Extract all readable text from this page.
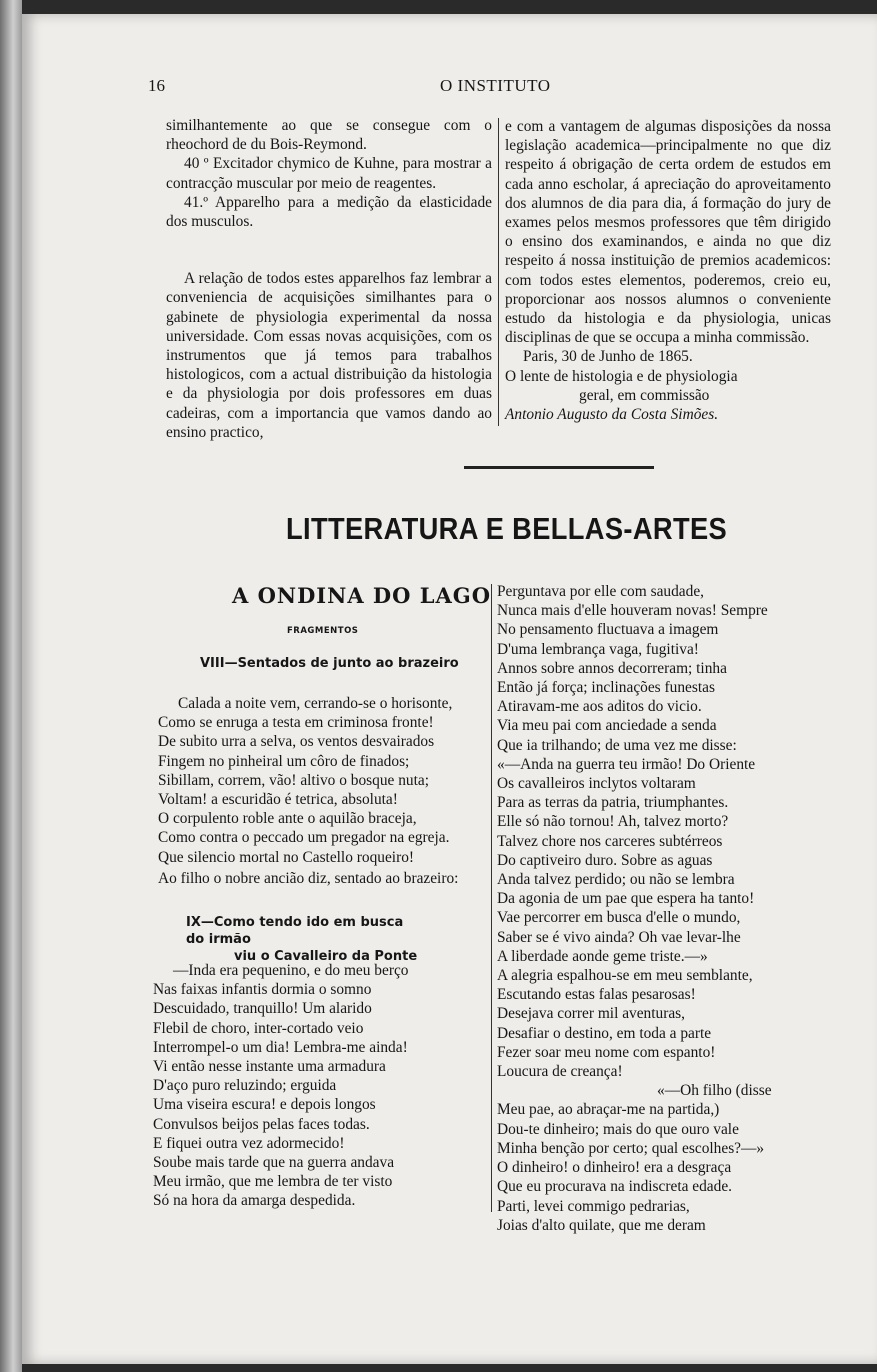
16	O INSTITUTO

similhantemente ao que se consegue com o rheochord de du Bois-Reymond.

40 º Excitador chymico de Kuhne, para mostrar a contracção muscular por meio de reagentes.

41.º Apparelho para a medição da elasticidade dos musculos.

A relação de todos estes apparelhos faz lembrar a conveniencia de acquisições similhantes para o gabinete de physiologia experimental da nossa universidade. Com essas novas acquisições, com os instrumentos que já temos para trabalhos histologicos, com a actual distribuição da histologia e da physiologia por dois professores em duas cadeiras, com a importancia que vamos dando ao ensino practico,

e com a vantagem de algumas disposições da nossa legislação academica—principalmente no que diz respeito á obrigação de certa ordem de estudos em cada anno escholar, á apreciação do aproveitamento dos alumnos de dia para dia, á formação do jury de exames pelos mesmos professores que têm dirigido o ensino dos examinandos, e ainda no que diz respeito á nossa instituição de premios academicos: com todos estes elementos, poderemos, creio eu, proporcionar aos nossos alumnos o conveniente estudo da histologia e da physiologia, unicas disciplinas de que se occupa a minha commissão.

Paris, 30 de Junho de 1865.

O lente de histologia e de physiologia

geral, em commissão

Antonio Augusto da Costa Simões.

LITTERATURA E BELLAS-ARTES
A ONDINA DO LAGO
FRAGMENTOS
VIII—Sentados de junto ao brazeiro
Calada a noite vem, cerrando-se o horisonte,
Como se enruga a testa em criminosa fronte!
De subito urra a selva, os ventos desvairados
Fingem no pinheiral um côro de finados;
Sibillam, correm, vão! altivo o bosque nuta;
Voltam! a escuridão é tetrica, absoluta!
O corpulento roble ante o aquilão braceja,
Como contra o peccado um pregador na egreja.
Que silencio mortal no Castello roqueiro!
Ao filho o nobre ancião diz, sentado ao brazeiro:
IX—Como tendo ido em busca do irmão
viu o Cavalleiro da Ponte
—Inda era pequenino, e do meu berço
Nas faixas infantis dormia o somno
Descuidado, tranquillo! Um alarido
Flebil de choro, inter-cortado veio
Interrompel-o um dia! Lembra-me ainda!
Vi então nesse instante uma armadura
D'aço puro reluzindo; erguida
Uma viseira escura! e depois longos
Convulsos beijos pelas faces todas.
E fiquei outra vez adormecido!
Soube mais tarde que na guerra andava
Meu irmão, que me lembra de ter visto
Só na hora da amarga despedida.
Perguntava por elle com saudade,
Nunca mais d'elle houveram novas! Sempre
No pensamento fluctuava a imagem
D'uma lembrança vaga, fugitiva!
Annos sobre annos decorreram; tinha
Então já força; inclinações funestas
Atiravam-me aos aditos do vicio.
Via meu pai com anciedade a senda
Que ia trilhando; de uma vez me disse:
«—Anda na guerra teu irmão! Do Oriente
Os cavalleiros inclytos voltaram
Para as terras da patria, triumphantes.
Elle só não tornou! Ah, talvez morto?
Talvez chore nos carceres subtérreos
Do captiveiro duro. Sobre as aguas
Anda talvez perdido; ou não se lembra
Da agonia de um pae que espera ha tanto!
Vae percorrer em busca d'elle o mundo,
Saber se é vivo ainda? Oh vae levar-lhe
A liberdade aonde geme triste.—»
A alegria espalhou-se em meu semblante,
Escutando estas falas pesarosas!
Desejava correr mil aventuras,
Desafiar o destino, em toda a parte
Fezer soar meu nome com espanto!
Loucura de creança!
«—Oh filho (disse
Meu pae, ao abraçar-me na partida,)
Dou-te dinheiro; mais do que ouro vale
Minha benção por certo; qual escolhes?—»
O dinheiro! o dinheiro! era a desgraça
Que eu procurava na indiscreta edade.
Parti, levei commigo pedrarias,
Joias d'alto quilate, que me deram
